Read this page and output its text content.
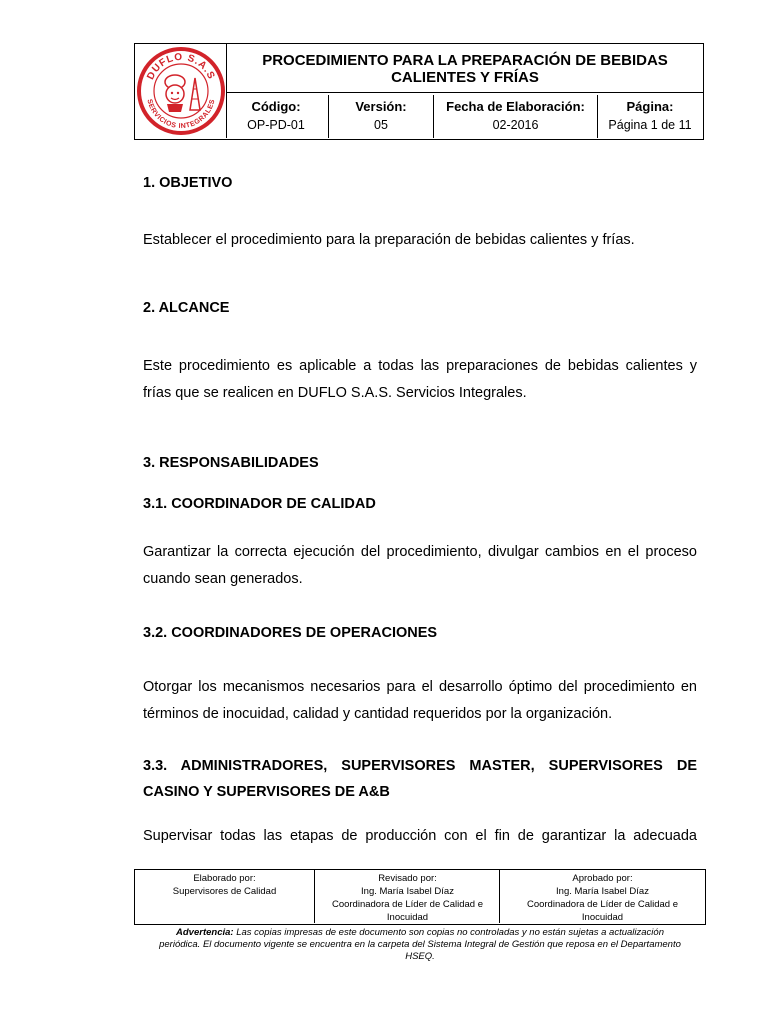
DUFLO S.A.S
SERVICIOS INTEGRALES
PROCEDIMIENTO PARA LA PREPARACIÓN DE BEBIDAS
CALIENTES Y FRÍAS
Código:
OP-PD-01
Versión:
05
Fecha de Elaboración:
02-2016
Página:
Página 1 de 11
1. OBJETIVO
Establecer el procedimiento para la preparación de bebidas calientes y frías.
2. ALCANCE
Este procedimiento es aplicable a todas las preparaciones de bebidas calientes y
frías que se realicen en DUFLO S.A.S. Servicios Integrales.
3. RESPONSABILIDADES
3.1. COORDINADOR DE CALIDAD
Garantizar la correcta ejecución del procedimiento, divulgar cambios en el proceso
cuando sean generados.
3.2. COORDINADORES DE OPERACIONES
Otorgar los mecanismos necesarios para el desarrollo óptimo del procedimiento en
términos de inocuidad, calidad y cantidad requeridos por la organización.
3.3. ADMINISTRADORES, SUPERVISORES MASTER, SUPERVISORES DE
CASINO Y SUPERVISORES DE A&B
Supervisar todas las etapas de producción con el fin de garantizar la adecuada
Elaborado por:
Supervisores de Calidad
Revisado por:
Ing. María Isabel Díaz
Coordinadora de Líder de Calidad e
Inocuidad
Aprobado por:
Ing. María Isabel Díaz
Coordinadora de Líder de Calidad e
Inocuidad
Advertencia: Las copias impresas de este documento son copias no controladas y no están sujetas a actualización
periódica. El documento vigente se encuentra en la carpeta del Sistema Integral de Gestión que reposa en el Departamento
HSEQ.
